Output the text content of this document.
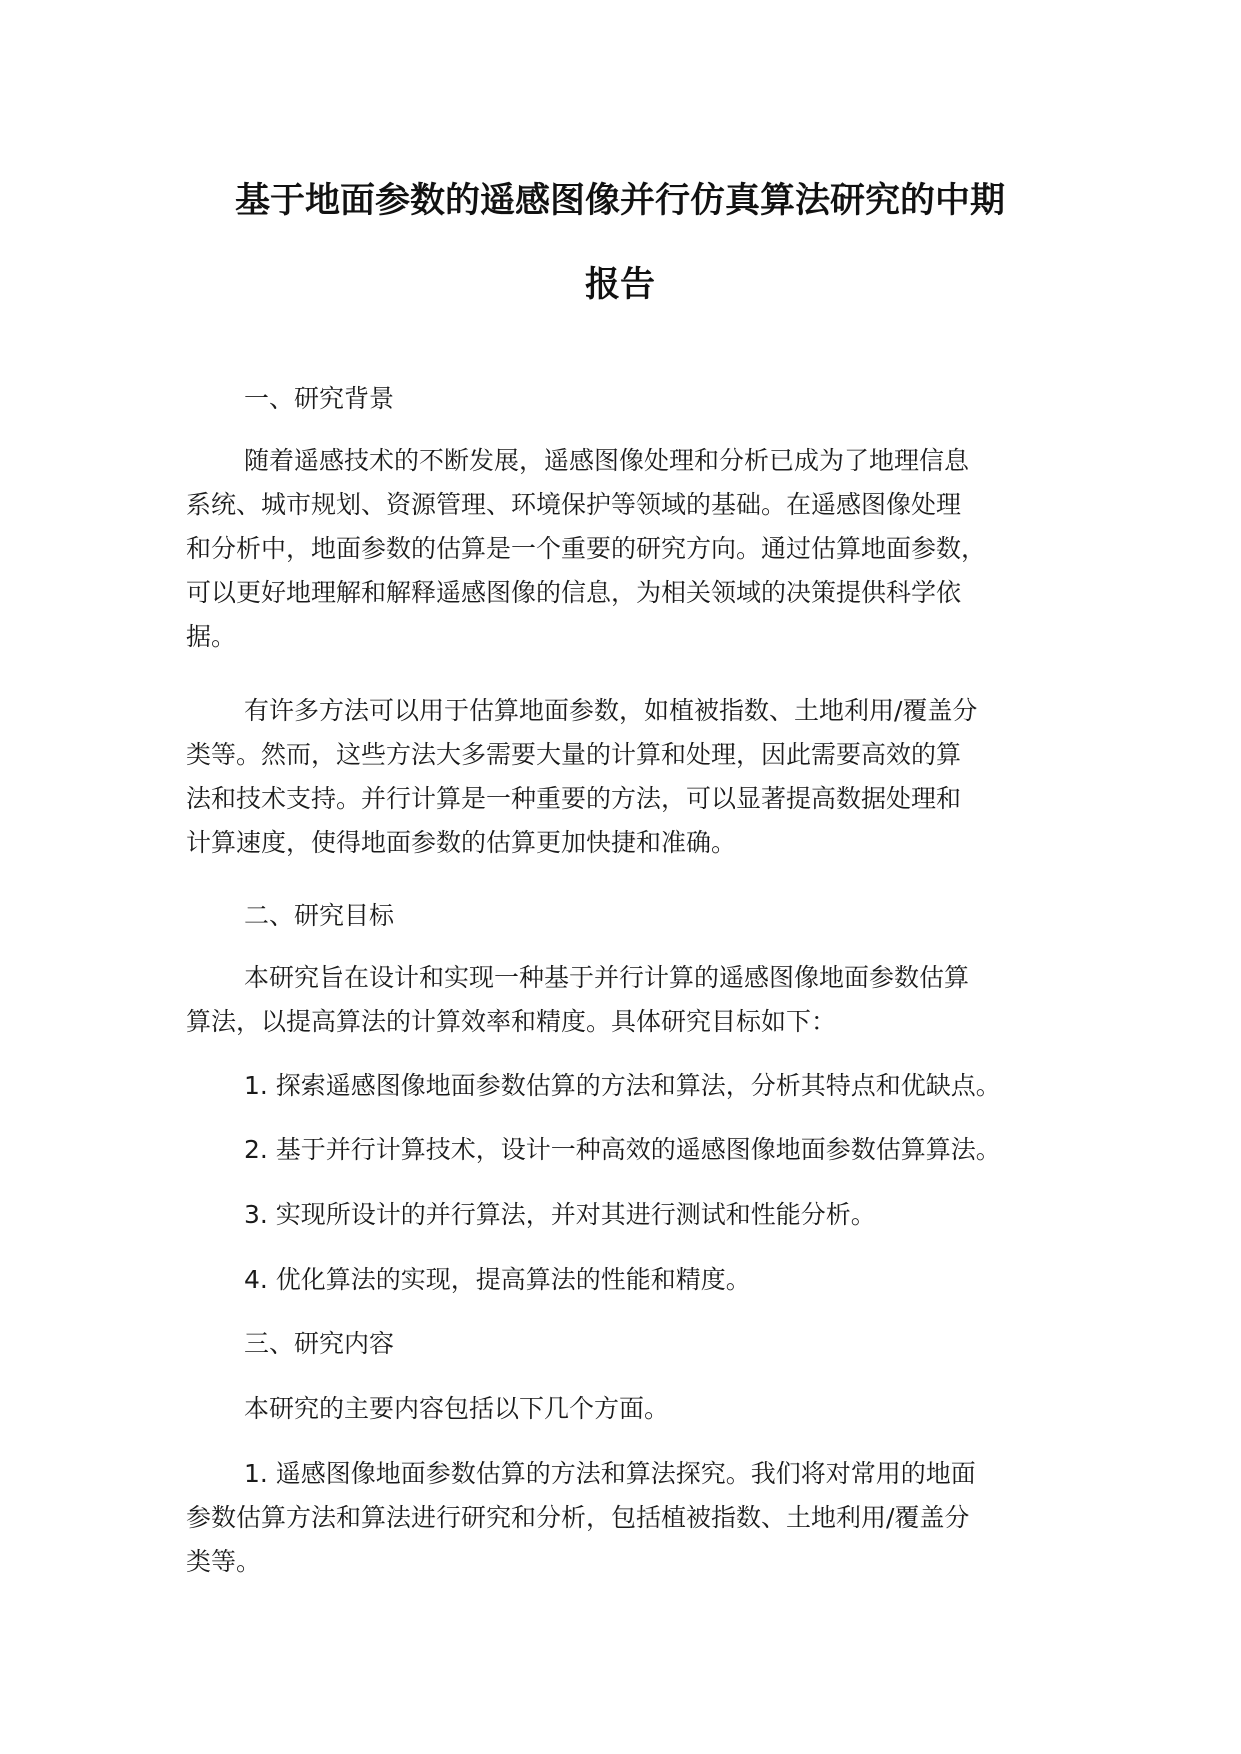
基于地面参数的遥感图像并行仿真算法研究的中期
报告
一、研究背景
随着遥感技术的不断发展，遥感图像处理和分析已成为了地理信息
系统、城市规划、资源管理、环境保护等领域的基础。在遥感图像处理
和分析中，地面参数的估算是一个重要的研究方向。通过估算地面参数，
可以更好地理解和解释遥感图像的信息，为相关领域的决策提供科学依
据。
有许多方法可以用于估算地面参数，如植被指数、土地利用/覆盖分
类等。然而，这些方法大多需要大量的计算和处理，因此需要高效的算
法和技术支持。并行计算是一种重要的方法，可以显著提高数据处理和
计算速度，使得地面参数的估算更加快捷和准确。
二、研究目标
本研究旨在设计和实现一种基于并行计算的遥感图像地面参数估算
算法，以提高算法的计算效率和精度。具体研究目标如下：
1. 探索遥感图像地面参数估算的方法和算法，分析其特点和优缺点。
2. 基于并行计算技术，设计一种高效的遥感图像地面参数估算算法。
3. 实现所设计的并行算法，并对其进行测试和性能分析。
4. 优化算法的实现，提高算法的性能和精度。
三、研究内容
本研究的主要内容包括以下几个方面。
1. 遥感图像地面参数估算的方法和算法探究。我们将对常用的地面
参数估算方法和算法进行研究和分析，包括植被指数、土地利用/覆盖分
类等。
